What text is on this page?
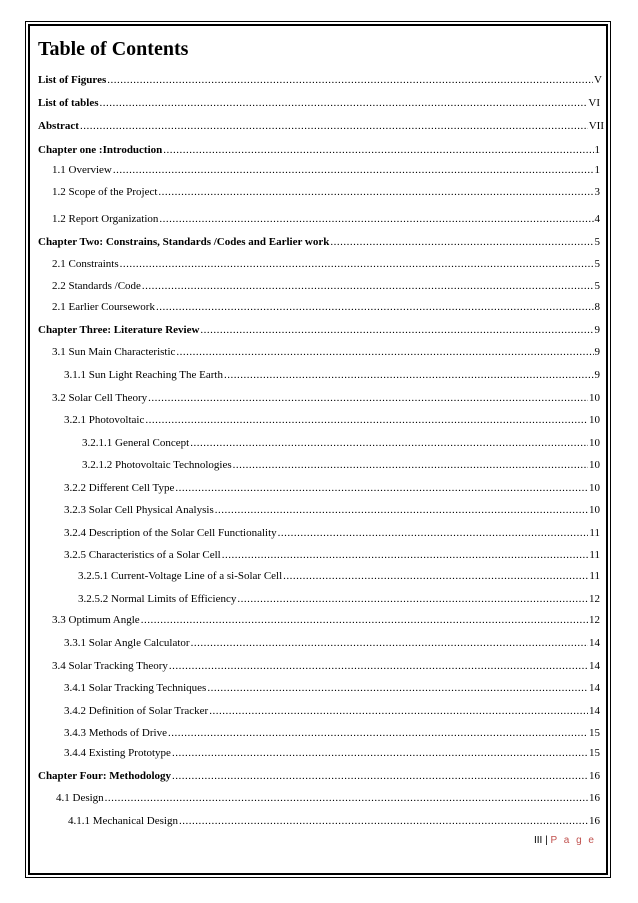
Table of Contents
List of Figures .....	V
List of tables .....	VI
Abstract .....	VII
Chapter one :Introduction .....	1
1.1 Overview .....	1
1.2 Scope of the Project .....	3
1.2 Report Organization .....	4
Chapter Two: Constrains, Standards /Codes and Earlier work .....	5
2.1 Constraints .....	5
2.2 Standards /Code .....	5
2.1 Earlier Coursework .....	8
Chapter Three: Literature Review .....	9
3.1 Sun Main Characteristic .....	9
3.1.1 Sun Light Reaching The Earth .....	9
3.2 Solar Cell Theory .....	10
3.2.1 Photovoltaic .....	10
3.2.1.1 General Concept .....	10
3.2.1.2 Photovoltaic Technologies .....	10
3.2.2 Different Cell Type .....	10
3.2.3 Solar Cell Physical Analysis .....	10
3.2.4 Description of the Solar Cell Functionality .....	11
3.2.5 Characteristics of a Solar Cell .....	11
3.2.5.1 Current-Voltage Line of a si-Solar Cell .....	11
3.2.5.2 Normal Limits of Efficiency .....	12
3.3 Optimum Angle .....	12
3.3.1 Solar Angle Calculator .....	14
3.4 Solar Tracking Theory .....	14
3.4.1 Solar Tracking Techniques .....	14
3.4.2 Definition of Solar Tracker .....	14
3.4.3 Methods of Drive .....	15
3.4.4 Existing Prototype .....	15
Chapter Four: Methodology .....	16
4.1 Design .....	16
4.1.1 Mechanical Design .....	16
III | P a g e
